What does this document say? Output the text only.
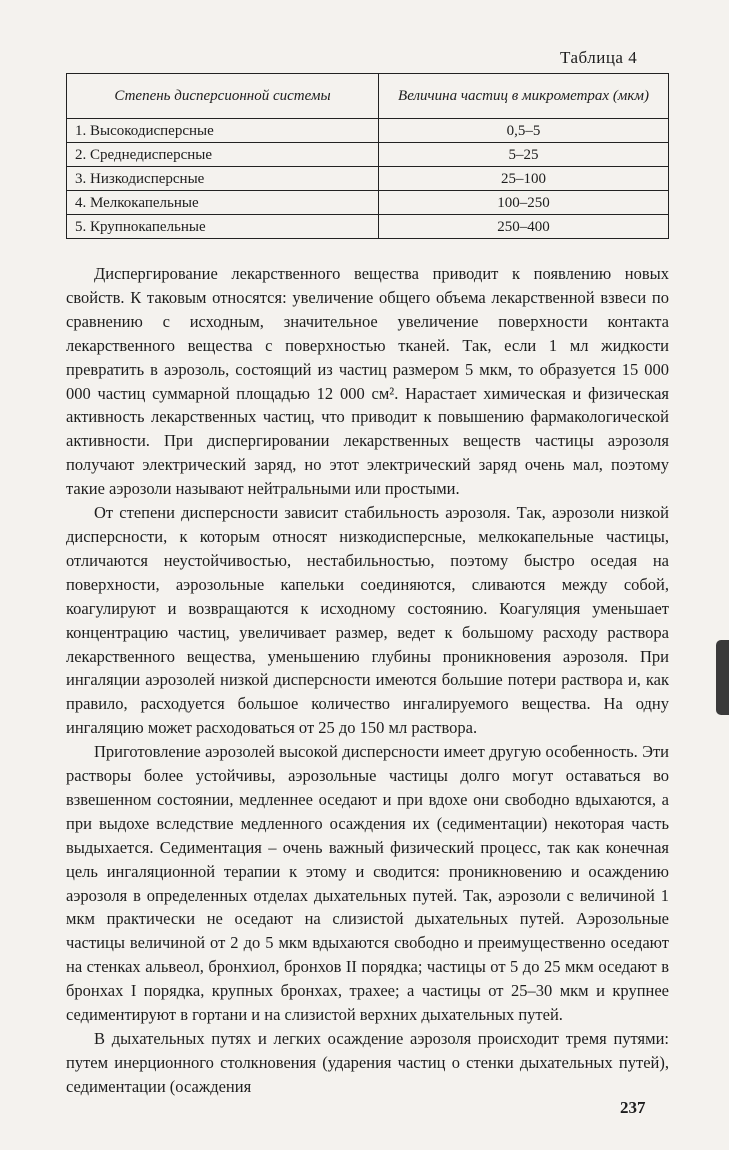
Таблица 4
Степень дисперсионной системы	Величина частиц в микрометрах (мкм)
1. Высокодисперсные	0,5–5
2. Среднедисперсные	5–25
3. Низкодисперсные	25–100
4. Мелкокапельные	100–250
5. Крупнокапельные	250–400

Диспергирование лекарственного вещества приводит к появлению новых свойств. К таковым относятся: увеличение общего объема лекарственной взвеси по сравнению с исходным, значительное увеличение поверхности контакта лекарственного вещества с поверхностью тканей. Так, если 1 мл жидкости превратить в аэрозоль, состоящий из частиц размером 5 мкм, то образуется 15 000 000 частиц суммарной площадью 12 000 см². Нарастает химическая и физическая активность лекарственных частиц, что приводит к повышению фармакологической активности. При диспергировании лекарственных веществ частицы аэрозоля получают электрический заряд, но этот электрический заряд очень мал, поэтому такие аэрозоли называют нейтральными или простыми.

От степени дисперсности зависит стабильность аэрозоля. Так, аэрозоли низкой дисперсности, к которым относят низкодисперсные, мелкокапельные частицы, отличаются неустойчивостью, нестабильностью, поэтому быстро оседая на поверхности, аэрозольные капельки соединяются, сливаются между собой, коагулируют и возвращаются к исходному состоянию. Коагуляция уменьшает концентрацию частиц, увеличивает размер, ведет к большому расходу раствора лекарственного вещества, уменьшению глубины проникновения аэрозоля. При ингаляции аэрозолей низкой дисперсности имеются большие потери раствора и, как правило, расходуется большое количество ингалируемого вещества. На одну ингаляцию может расходоваться от 25 до 150 мл раствора.

Приготовление аэрозолей высокой дисперсности имеет другую особенность. Эти растворы более устойчивы, аэрозольные частицы долго могут оставаться во взвешенном состоянии, медленнее оседают и при вдохе они свободно вдыхаются, а при выдохе вследствие медленного осаждения их (седиментации) некоторая часть выдыхается. Седиментация – очень важный физический процесс, так как конечная цель ингаляционной терапии к этому и сводится: проникновению и осаждению аэрозоля в определенных отделах дыхательных путей. Так, аэрозоли с величиной 1 мкм практически не оседают на слизистой дыхательных путей. Аэрозольные частицы величиной от 2 до 5 мкм вдыхаются свободно и преимущественно оседают на стенках альвеол, бронхиол, бронхов II порядка; частицы от 5 до 25 мкм оседают в бронхах I порядка, крупных бронхах, трахее; а частицы от 25–30 мкм и крупнее седиментируют в гортани и на слизистой верхних дыхательных путей.

В дыхательных путях и легких осаждение аэрозоля происходит тремя путями: путем инерционного столкновения (ударения частиц о стенки дыхательных путей), седиментации (осаждения

237
